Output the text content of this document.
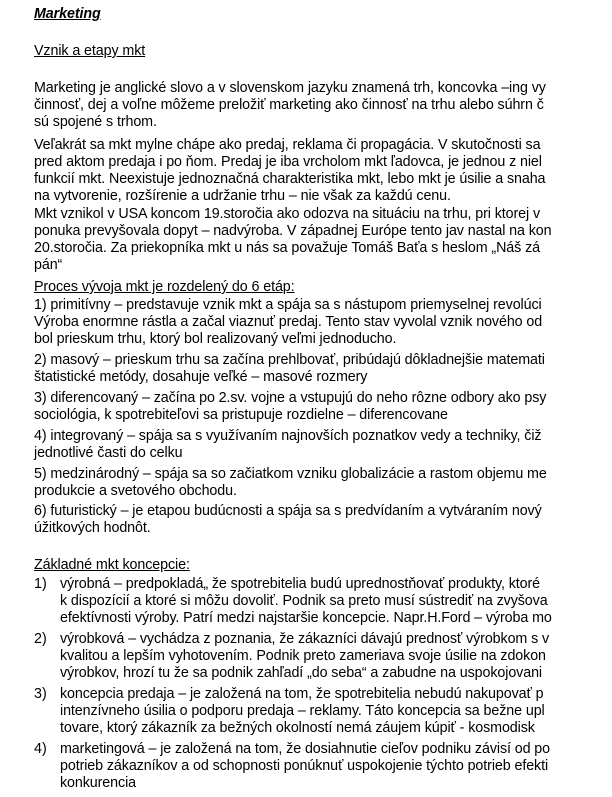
Marketing
Vznik a etapy mkt
Marketing je anglické slovo a v slovenskom jazyku znamená trh, koncovka –ing vy
činnosť, dej a voľne môžeme preložiť marketing ako činnosť na trhu alebo súhrn č
sú spojené s trhom.
Veľakrát sa mkt mylne chápe ako predaj, reklama či propagácia. V skutočnosti sa
pred aktom predaja i po ňom. Predaj je iba vrcholom mkt ľadovca, je jednou z niel
funkcií mkt. Neexistuje jednoznačná charakteristika mkt, lebo mkt je úsilie a snaha
na vytvorenie, rozšírenie a udržanie trhu – nie však za každú cenu.
Mkt vznikol v USA koncom 19.storočia ako odozva na situáciu na trhu, pri ktorej v
ponuka prevyšovala dopyt – nadvýroba. V západnej Európe tento jav nastal na kon
20.storočia. Za priekopníka mkt u nás sa považuje Tomáš Baťa s heslom „Náš zá
pán“
Proces vývoja mkt je rozdelený do 6 etáp:
1) primitívny – predstavuje vznik mkt a spája sa s nástupom priemyselnej revolúci
Výroba enormne rástla a začal viaznuť predaj. Tento stav vyvolal vznik nového od
bol prieskum trhu, ktorý bol realizovaný veľmi jednoducho.
2) masový – prieskum trhu sa začína prehlbovať, pribúdajú dôkladnejšie matemati
štatistické metódy, dosahuje veľké – masové rozmery
3) diferencovaný – začína po 2.sv. vojne a vstupujú do neho rôzne odbory ako psy
sociológia, k spotrebiteľovi sa pristupuje rozdielne – diferencovane
4) integrovaný – spája sa s využívaním najnovších poznatkov vedy a techniky, čiž
jednotlivé časti do celku
5) medzinárodný – spája sa so začiatkom vzniku globalizácie a rastom objemu me
produkcie a svetového obchodu.
6) futuristický – je etapou budúcnosti a spája sa s predvídaním a vytváraním nový
úžitkových hodnôt.
Základné mkt koncepcie:
1) výrobná – predpokladá„ že spotrebitelia budú uprednostňovať produkty, ktoré
k dispozícií a ktoré si môžu dovoliť. Podnik sa preto musí sústrediť na zvyšova
efektívnosti výroby. Patrí medzi najstaršie koncepcie. Napr.H.Ford – výroba mo
2) výrobková – vychádza z poznania, že zákazníci dávajú prednosť výrobkom s v
kvalitou a lepším vyhotovením. Podnik preto zameriava svoje úsilie na zdokon
výrobkov, hrozí tu že sa podnik zahľadí „do seba“ a zabudne na uspokojovani
3) koncepcia predaja – je založená na tom, že spotrebitelia nebudú nakupovať p
intenzívneho úsilia o podporu predaja – reklamy. Táto koncepcia sa bežne upl
tovare, ktorý zákazník za bežných okolností nemá záujem kúpiť - kosmodisk
4) marketingová – je založená na tom, že dosiahnutie cieľov podniku závisí od po
potrieb zákazníkov a od schopnosti ponúknuť uspokojenie týchto potrieb efekti
konkurencia
